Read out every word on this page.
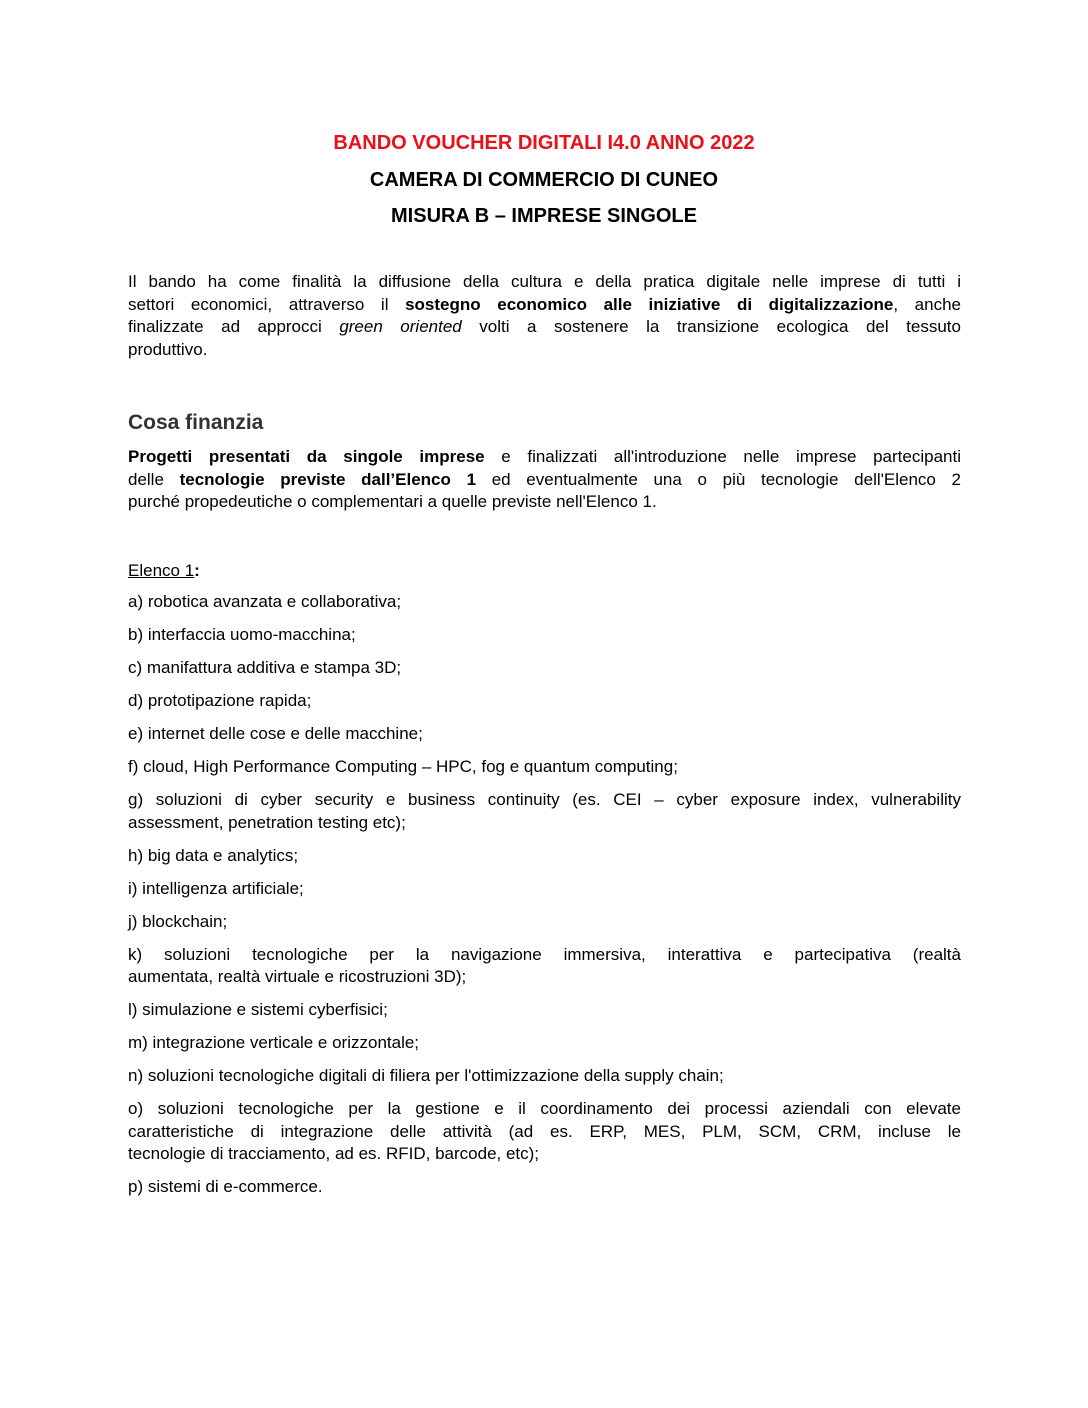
BANDO VOUCHER DIGITALI I4.0 ANNO 2022
CAMERA DI COMMERCIO DI CUNEO
MISURA B – IMPRESE SINGOLE
Il bando ha come finalità la diffusione della cultura e della pratica digitale nelle imprese di tutti i
settori economici, attraverso il sostegno economico alle iniziative di digitalizzazione, anche
finalizzate ad approcci green oriented volti a sostenere la transizione ecologica del tessuto
produttivo.
Cosa finanzia
Progetti presentati da singole imprese e finalizzati all'introduzione nelle imprese partecipanti
delle tecnologie previste dall’Elenco 1 ed eventualmente una o più tecnologie dell'Elenco 2
purché propedeutiche o complementari a quelle previste nell'Elenco 1.
Elenco 1:
a) robotica avanzata e collaborativa;
b) interfaccia uomo-macchina;
c) manifattura additiva e stampa 3D;
d) prototipazione rapida;
e) internet delle cose e delle macchine;
f) cloud, High Performance Computing – HPC, fog e quantum computing;
g) soluzioni di cyber security e business continuity (es. CEI – cyber exposure index, vulnerability
assessment, penetration testing etc);
h) big data e analytics;
i) intelligenza artificiale;
j) blockchain;
k) soluzioni tecnologiche per la navigazione immersiva, interattiva e partecipativa (realtà
aumentata, realtà virtuale e ricostruzioni 3D);
l) simulazione e sistemi cyberfisici;
m) integrazione verticale e orizzontale;
n) soluzioni tecnologiche digitali di filiera per l'ottimizzazione della supply chain;
o) soluzioni tecnologiche per la gestione e il coordinamento dei processi aziendali con elevate
caratteristiche di integrazione delle attività (ad es. ERP, MES, PLM, SCM, CRM, incluse le
tecnologie di tracciamento, ad es. RFID, barcode, etc);
p) sistemi di e-commerce.
